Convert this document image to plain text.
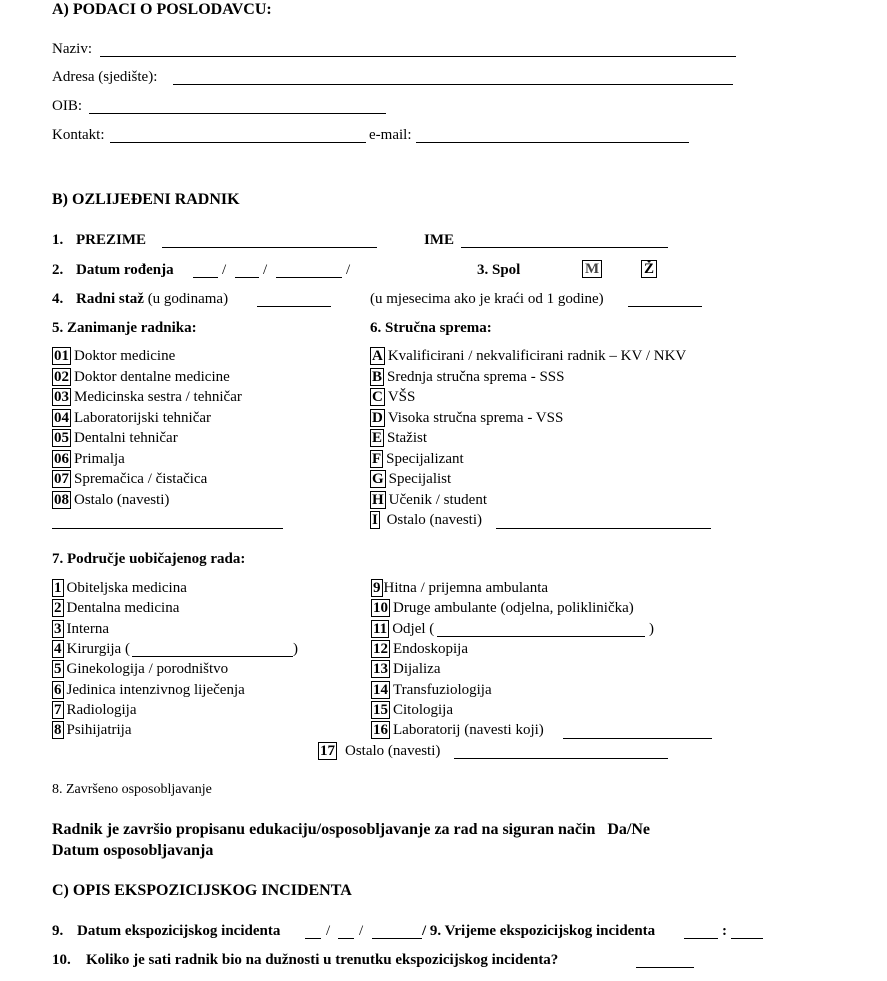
A) PODACI O POSLODAVCU:
Naziv:
Adresa (sjedište):
OIB:
Kontakt:	e-mail:
B) OZLIJEĐENI RADNIK
1. PREZIME	IME
2. Datum rođenja	/ /	/	3. Spol	M	Ž
4. Radni staž (u godinama)	(u mjesecima ako je kraći od 1 godine)
5. Zanimanje radnika:
01 Doktor medicine
02 Doktor dentalne medicine
03 Medicinska sestra / tehničar
04 Laboratorijski tehničar
05 Dentalni tehničar
06 Primalja
07 Spremačica / čistačica
08 Ostalo (navesti)
6. Stručna sprema:
A Kvalificirani / nekvalificirani radnik – KV / NKV
B Srednja stručna sprema - SSS
C VŠS
D Visoka stručna sprema - VSS
E Stažist
F Specijalizant
G Specijalist
H Učenik / student
I Ostalo (navesti)
7. Područje uobičajenog rada:
1 Obiteljska medicina
2 Dentalna medicina
3 Interna
4 Kirurgija (
5 Ginekologija / porodništvo
6 Jedinica intenzivnog liječenja
7 Radiologija
8 Psihijatrija
)
9 Hitna / prijemna ambulanta
10 Druge ambulante (odjelna, poliklinička)
11 Odjel (
12 Endoskopija
13 Dijaliza
14 Transfuziologija
15 Citologija
16 Laboratorij (navesti koji)
)
17 Ostalo (navesti)
8. Završeno osposobljavanje
Radnik je završio propisanu edukaciju/osposobljavanje za rad na siguran način   Da/Ne
Datum osposobljavanja
C) OPIS EKSPOZICIJSKOG INCIDENTA
9. Datum ekspozicijskog incidenta	/ /	/ 9. Vrijeme ekspozicijskog incidenta	:
10. Koliko je sati radnik bio na dužnosti u trenutku ekspozicijskog incidenta?
